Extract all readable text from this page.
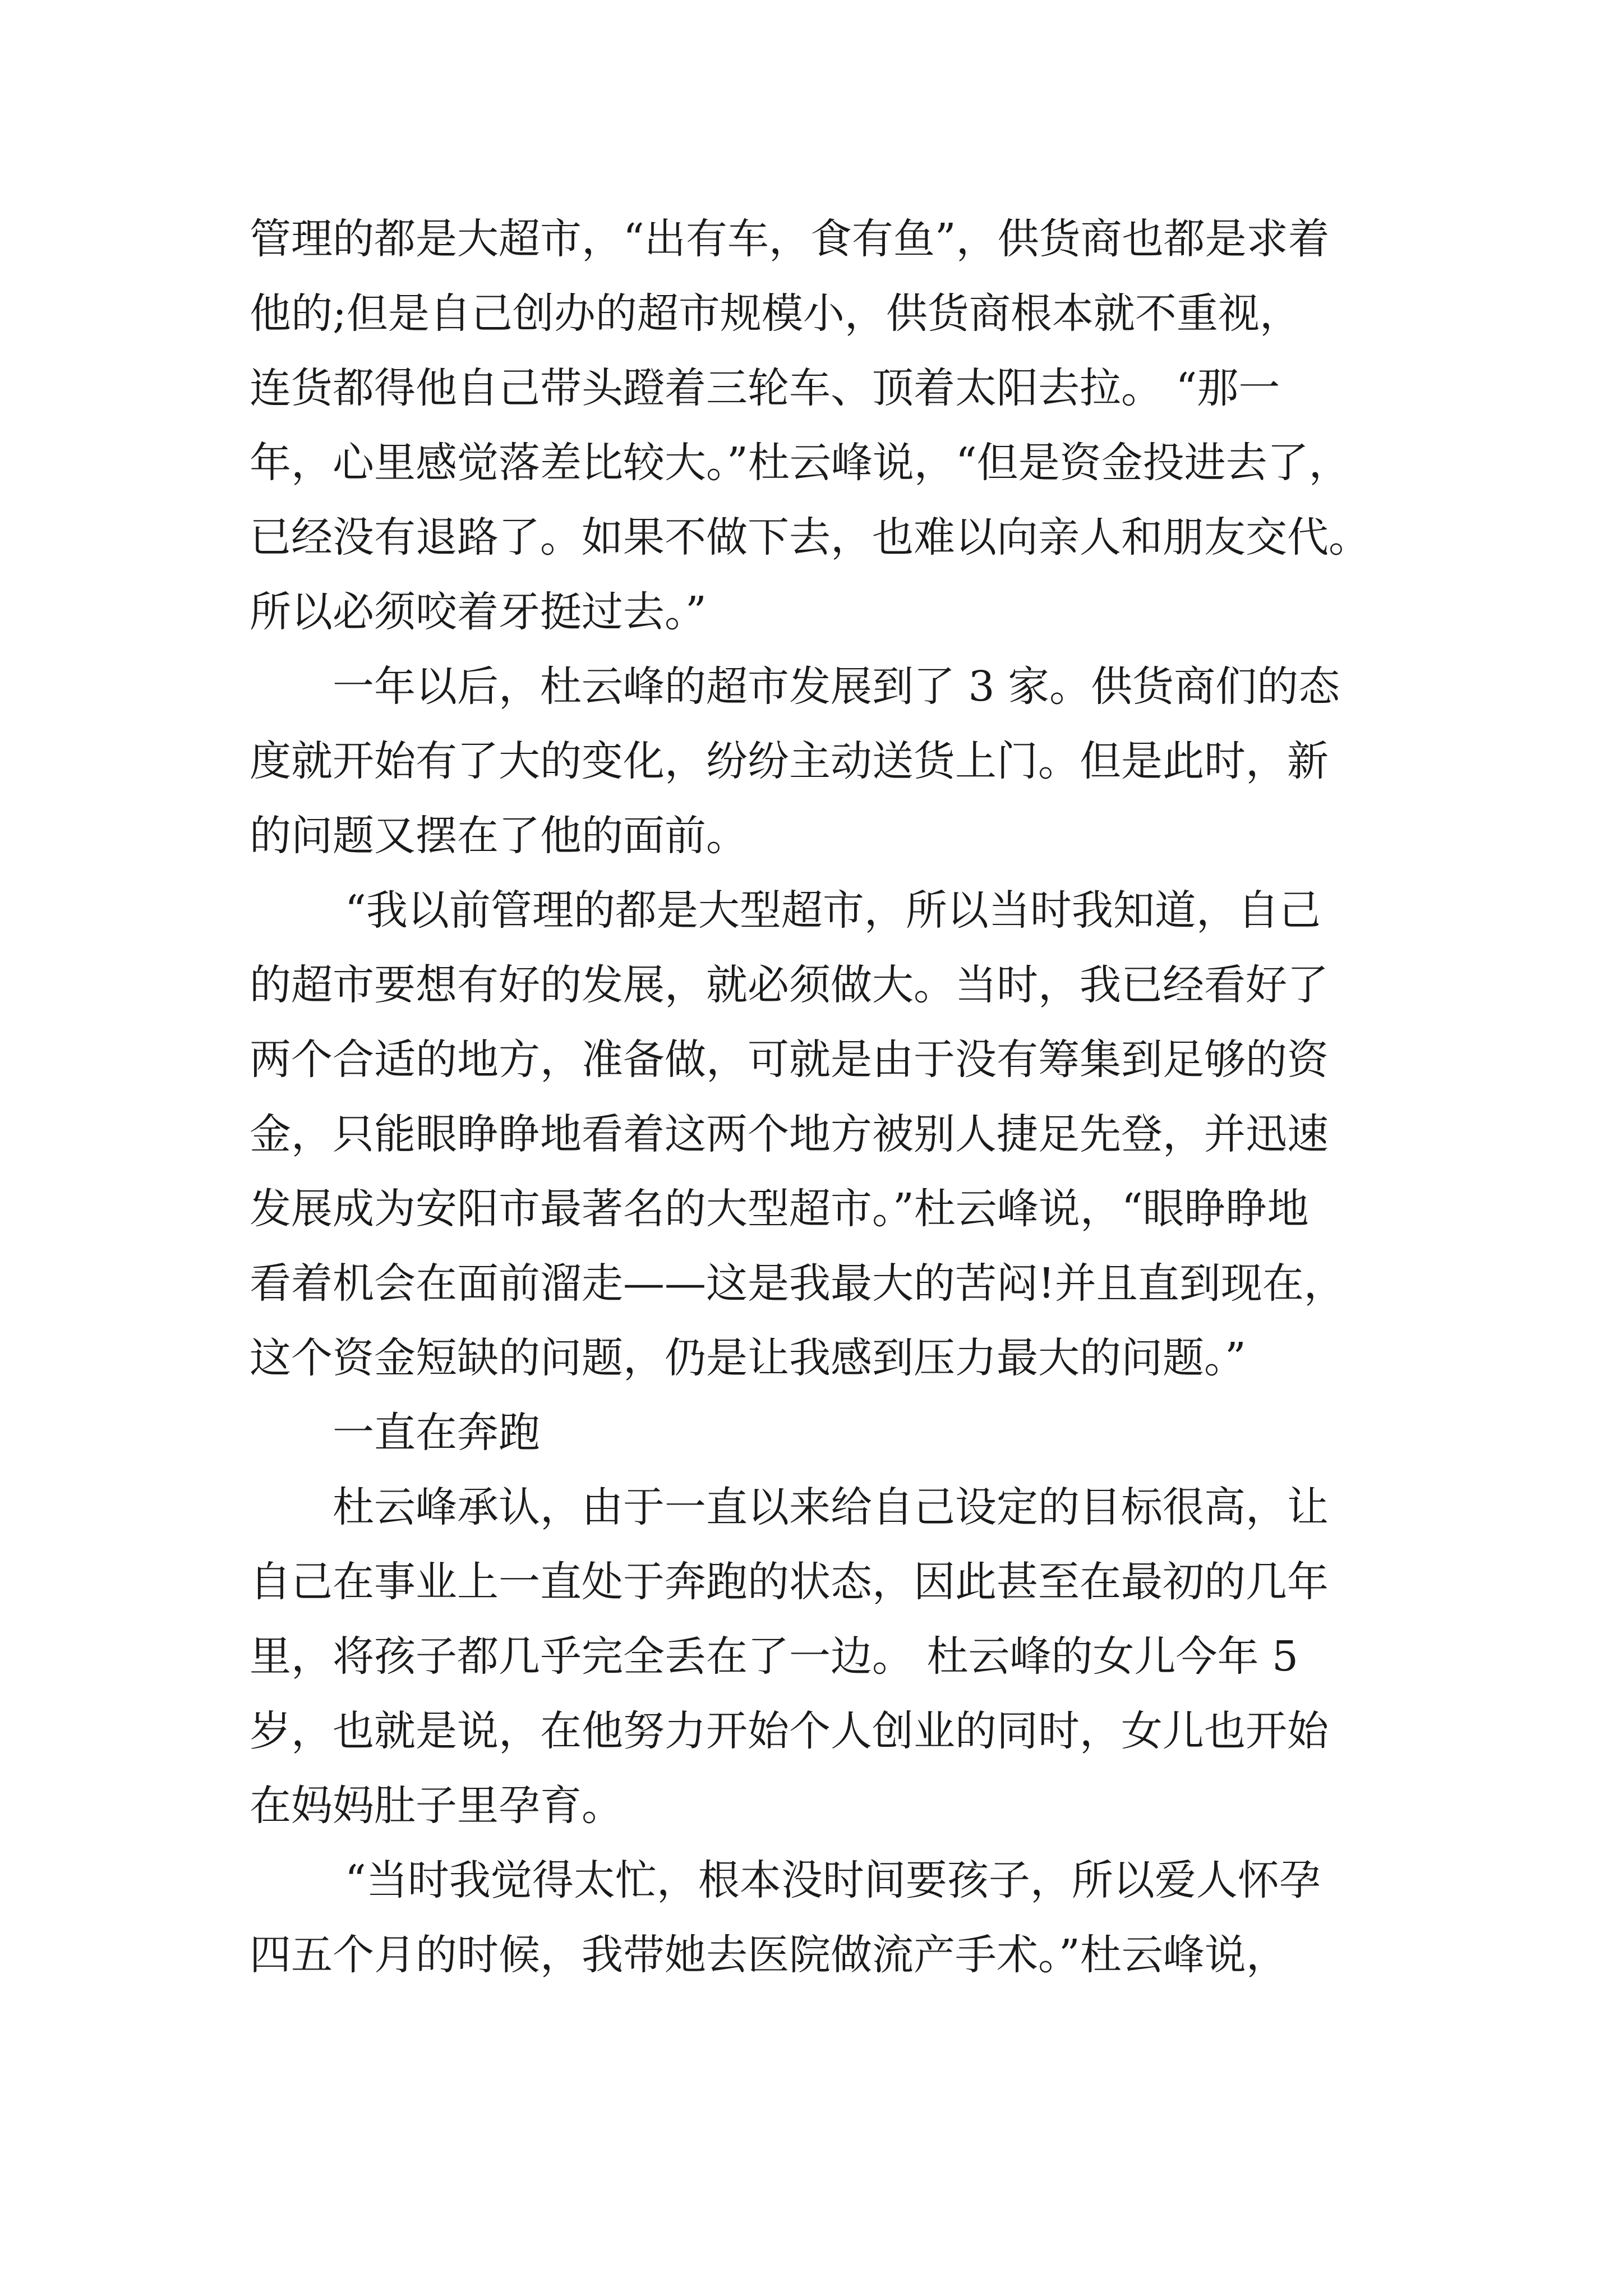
管理的都是大超市，“出有车，食有鱼”，供货商也都是求着
他的;但是自己创办的超市规模小，供货商根本就不重视，
连货都得他自己带头蹬着三轮车、顶着太阳去拉。 “那一
年，心里感觉落差比较大。”杜云峰说，“但是资金投进去了，
已经没有退路了。如果不做下去，也难以向亲人和朋友交代。
所以必须咬着牙挺过去。”
一年以后，杜云峰的超市发展到了 3 家。供货商们的态
度就开始有了大的变化，纷纷主动送货上门。但是此时，新
的问题又摆在了他的面前。
“我以前管理的都是大型超市，所以当时我知道，自己
的超市要想有好的发展，就必须做大。当时，我已经看好了
两个合适的地方，准备做，可就是由于没有筹集到足够的资
金，只能眼睁睁地看着这两个地方被别人捷足先登，并迅速
发展成为安阳市最著名的大型超市。”杜云峰说，“眼睁睁地
看着机会在面前溜走——这是我最大的苦闷!并且直到现在，
这个资金短缺的问题，仍是让我感到压力最大的问题。”
一直在奔跑
杜云峰承认，由于一直以来给自己设定的目标很高，让
自己在事业上一直处于奔跑的状态，因此甚至在最初的几年
里，将孩子都几乎完全丢在了一边。 杜云峰的女儿今年 5
岁，也就是说，在他努力开始个人创业的同时，女儿也开始
在妈妈肚子里孕育。
“当时我觉得太忙，根本没时间要孩子，所以爱人怀孕
四五个月的时候，我带她去医院做流产手术。”杜云峰说，
